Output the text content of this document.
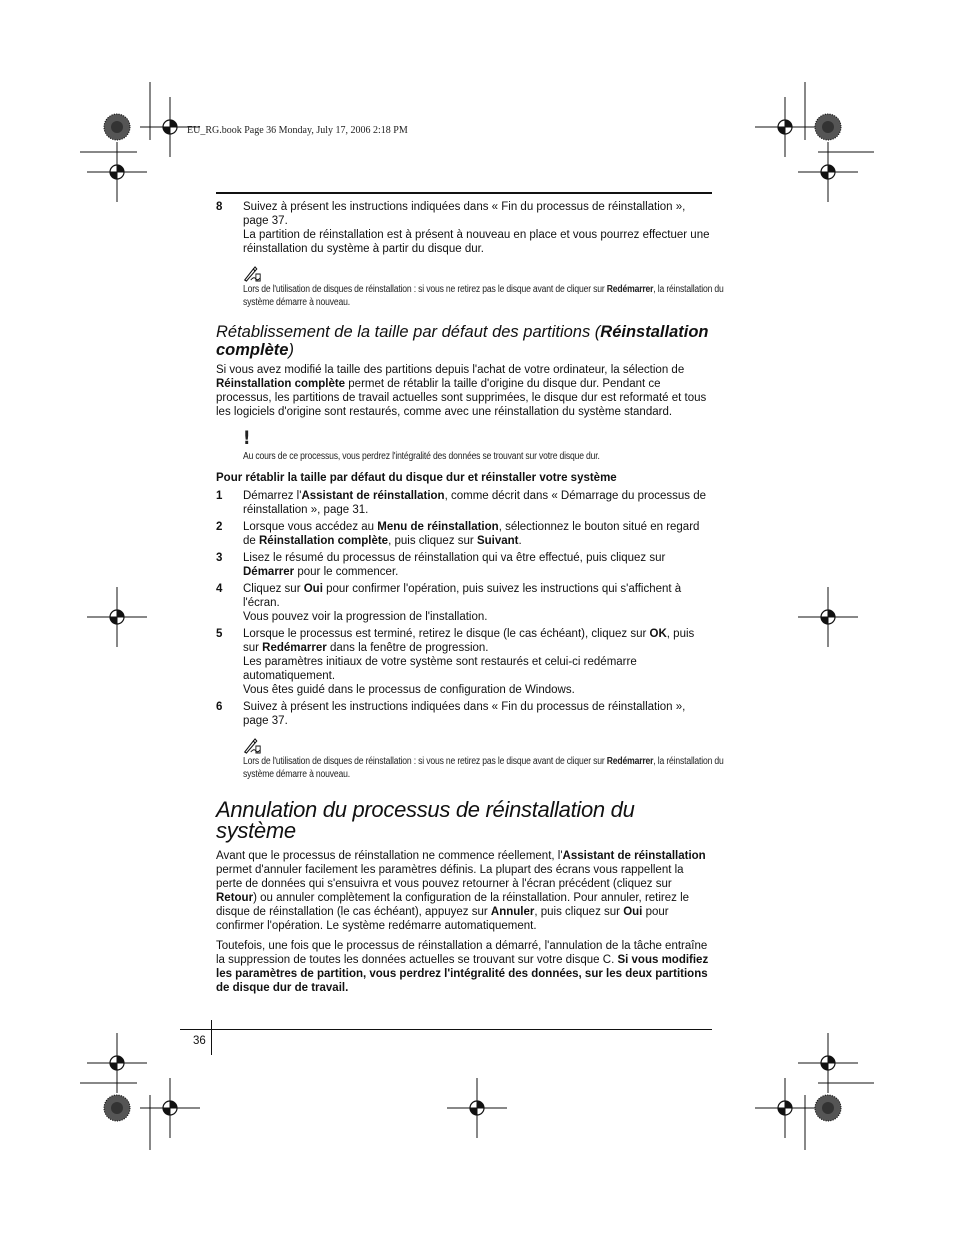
EU_RG.book Page 36 Monday, July 17, 2006 2:18 PM
8	Suivez à présent les instructions indiquées dans « Fin du processus de réinstallation », page 37.

La partition de réinstallation est à présent à nouveau en place et vous pourrez effectuer une réinstallation du système à partir du disque dur.

Lors de l'utilisation de disques de réinstallation : si vous ne retirez pas le disque avant de cliquer sur Redémarrer, la réinstallation du système démarre à nouveau.
Rétablissement de la taille par défaut des partitions (Réinstallation complète)

Si vous avez modifié la taille des partitions depuis l'achat de votre ordinateur, la sélection de Réinstallation complète permet de rétablir la taille d'origine du disque dur. Pendant ce processus, les partitions de travail actuelles sont supprimées, le disque dur est reformaté et tous les logiciels d'origine sont restaurés, comme avec une réinstallation du système standard.

!
Au cours de ce processus, vous perdrez l'intégralité des données se trouvant sur votre disque dur.

Pour rétablir la taille par défaut du disque dur et réinstaller votre système

1	Démarrez l'Assistant de réinstallation, comme décrit dans « Démarrage du processus de réinstallation », page 31.

2	Lorsque vous accédez au Menu de réinstallation, sélectionnez le bouton situé en regard de Réinstallation complète, puis cliquez sur Suivant.

3	Lisez le résumé du processus de réinstallation qui va être effectué, puis cliquez sur Démarrer pour le commencer.

4	Cliquez sur Oui pour confirmer l'opération, puis suivez les instructions qui s'affichent à l'écran.

Vous pouvez voir la progression de l'installation.

5	Lorsque le processus est terminé, retirez le disque (le cas échéant), cliquez sur OK, puis sur Redémarrer dans la fenêtre de progression.

Les paramètres initiaux de votre système sont restaurés et celui-ci redémarre automatiquement.

Vous êtes guidé dans le processus de configuration de Windows.

6	Suivez à présent les instructions indiquées dans « Fin du processus de réinstallation », page 37.

Lors de l'utilisation de disques de réinstallation : si vous ne retirez pas le disque avant de cliquer sur Redémarrer, la réinstallation du système démarre à nouveau.
Annulation du processus de réinstallation du système

Avant que le processus de réinstallation ne commence réellement, l'Assistant de réinstallation permet d'annuler facilement les paramètres définis. La plupart des écrans vous rappellent la perte de données qui s'ensuivra et vous pouvez retourner à l'écran précédent (cliquez sur Retour) ou annuler complètement la configuration de la réinstallation. Pour annuler, retirez le disque de réinstallation (le cas échéant), appuyez sur Annuler, puis cliquez sur Oui pour confirmer l'opération. Le système redémarre automatiquement.

Toutefois, une fois que le processus de réinstallation a démarré, l'annulation de la tâche entraîne la suppression de toutes les données actuelles se trouvant sur votre disque C. Si vous modifiez les paramètres de partition, vous perdrez l'intégralité des données, sur les deux partitions de disque dur de travail.

36
